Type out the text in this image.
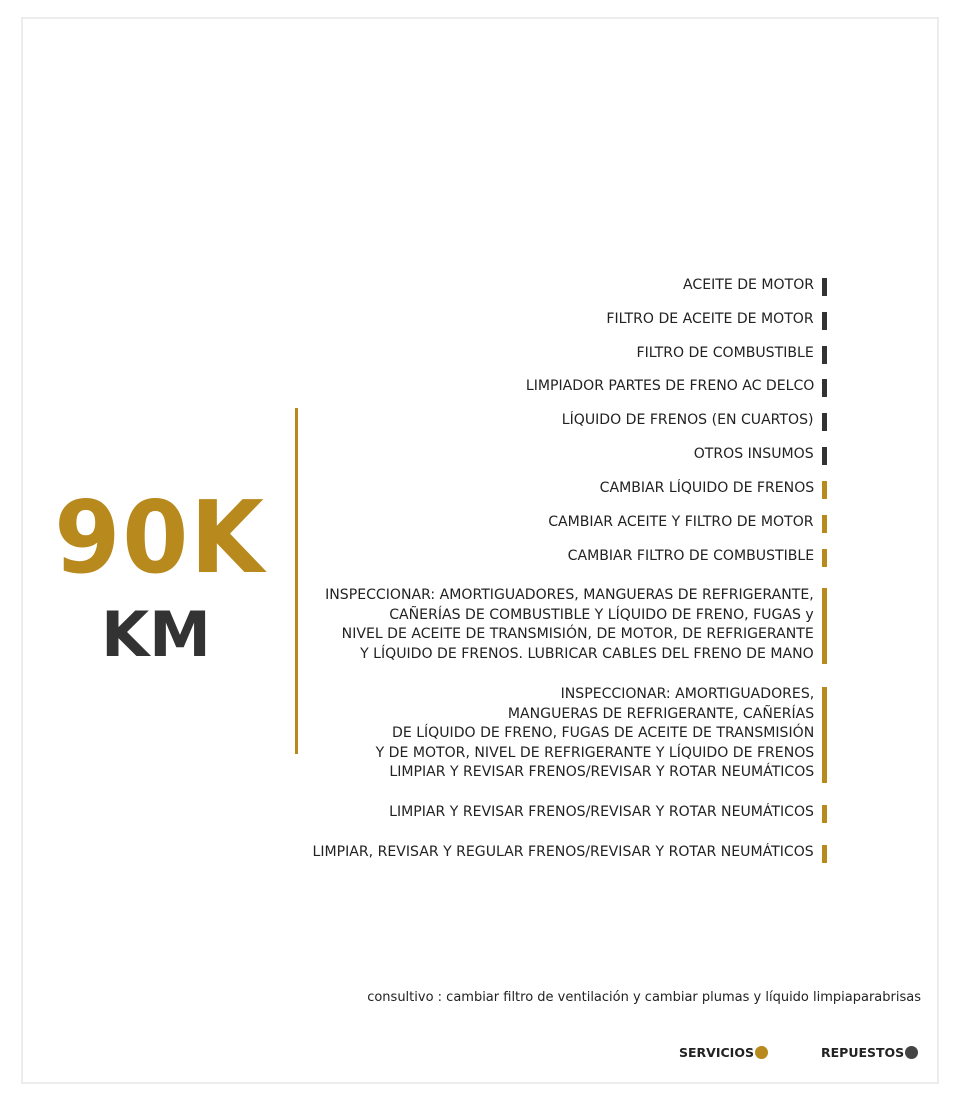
90K
KM
ACEITE DE MOTOR
FILTRO DE ACEITE DE MOTOR
FILTRO DE COMBUSTIBLE
LIMPIADOR PARTES DE FRENO AC DELCO
LÍQUIDO DE FRENOS (EN CUARTOS)
OTROS INSUMOS
CAMBIAR LÍQUIDO DE FRENOS
CAMBIAR ACEITE Y FILTRO DE MOTOR
CAMBIAR FILTRO DE COMBUSTIBLE
INSPECCIONAR: AMORTIGUADORES, MANGUERAS DE REFRIGERANTE,
CAÑERÍAS DE COMBUSTIBLE Y LÍQUIDO DE FRENO, FUGAS y
NIVEL DE ACEITE DE TRANSMISIÓN, DE MOTOR, DE REFRIGERANTE
Y LÍQUIDO DE FRENOS. LUBRICAR CABLES DEL FRENO DE MANO
INSPECCIONAR: AMORTIGUADORES,
MANGUERAS DE REFRIGERANTE, CAÑERÍAS
DE LÍQUIDO DE FRENO, FUGAS DE ACEITE DE TRANSMISIÓN
Y DE MOTOR, NIVEL DE REFRIGERANTE Y LÍQUIDO DE FRENOS
LIMPIAR Y REVISAR FRENOS/REVISAR Y ROTAR NEUMÁTICOS
LIMPIAR Y REVISAR FRENOS/REVISAR Y ROTAR NEUMÁTICOS
LIMPIAR, REVISAR Y REGULAR FRENOS/REVISAR Y ROTAR NEUMÁTICOS
consultivo : cambiar filtro de ventilación y cambiar plumas y líquido limpiaparabrisas
SERVICIOS	REPUESTOS
